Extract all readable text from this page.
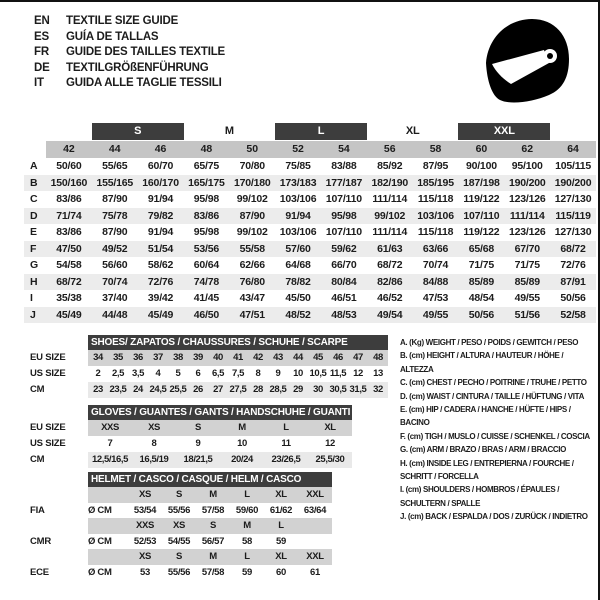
EN	TEXTILE SIZE GUIDE
ES	GUÍA DE TALLAS
FR	GUIDE DES TAILLES TEXTILE
DE	TEXTILGRÖßENFÜHRUNG
IT	GUIDA ALLE TAGLIE TESSILI
S	M	L	XL	XXL
42	44	46	48	50	52	54	56	58	60	62	64
A	50/60	55/65	60/70	65/75	70/80	75/85	83/88	85/92	87/95	90/100	95/100	105/115
B	150/160 155/165 160/170 165/175 170/180 173/183 177/187 182/190 185/195 187/198 190/200 190/200
C	83/86	87/90	91/94	95/98	99/102	103/106 107/110 111/114	115/118 119/122 123/126 127/130
D	71/74	75/78	79/82	83/86	87/90	91/94	95/98	99/102	103/106 107/110 111/114	115/119
E	83/86	87/90	91/94	95/98	99/102	103/106 107/110 111/114	115/118 119/122 123/126 127/130
F	47/50	49/52	51/54	53/56	55/58	57/60	59/62	61/63	63/66	65/68	67/70	68/72
G	54/58	56/60	58/62	60/64	62/66	64/68	66/70	68/72	70/74	71/75	71/75	72/76
H	68/72	70/74	72/76	74/78	76/80	78/82	80/84	82/86	84/88	85/89	85/89	87/91
I	35/38	37/40	39/42	41/45	43/47	45/50	46/51	46/52	47/53	48/54	49/55	50/56
J	45/49	44/48	45/49	46/50	47/51	48/52	48/53	49/54	49/55	50/56	51/56	52/58
SHOES/ ZAPATOS / CHAUSSURES / SCHUHE / SCARPE
EU SIZE	34	35	36	37	38	39	40	41	42	43	44	45	46	47	48
US SIZE	2	2,5 3,5	4	5	6	6,5 7,5	8	9	10 10,5 11,5 12	13
CM	23 23,5 24 24,5 25,5 26	27 27,5 28 28,5 29	30 30,5 31,5 32
GLOVES / GUANTES / GANTS / HANDSCHUHE / GUANTI
EU SIZE	XXS	XS	S	M	L	XL
US SIZE	7	8	9	10	11	12
CM	12,5/16,5	16,5/19	18/21,5	20/24	23/26,5	25,5/30
HELMET / CASCO / CASQUE / HELM / CASCO
XS	S	M	L	XL	XXL
FIA	Ø CM	53/54	55/56	57/58	59/60	61/62	63/64
XXS	XS	S	M	L
CMR	Ø CM	52/53	54/55	56/57	58	59
XS	S	M	L	XL	XXL
ECE	Ø CM	53	55/56	57/58	59	60	61
A. (Kg) WEIGHT / PESO / POIDS / GEWITCH / PESO
B. (cm) HEIGHT / ALTURA / HAUTEUR / HÖHE / ALTEZZA
C. (cm) CHEST / PECHO / POITRINE / TRUHE / PETTO
D. (cm) WAIST / CINTURA / TAILLE / HÜFTUNG / VITA
E. (cm) HIP / CADERA / HANCHE / HÜFTE / HIPS / BACINO
F. (cm) TIGH / MUSLO / CUISSE / SCHENKEL / COSCIA
G. (cm) ARM / BRAZO / BRAS / ARM / BRACCIO
H. (cm) INSIDE LEG / ENTREPIERNA / FOURCHE / SCHRITT / FORCELLA
I. (cm) SHOULDERS / HOMBROS / ÉPAULES / SCHULTERN / SPALLE
J. (cm) BACK / ESPALDA / DOS / ZURÜCK / INDIETRO
